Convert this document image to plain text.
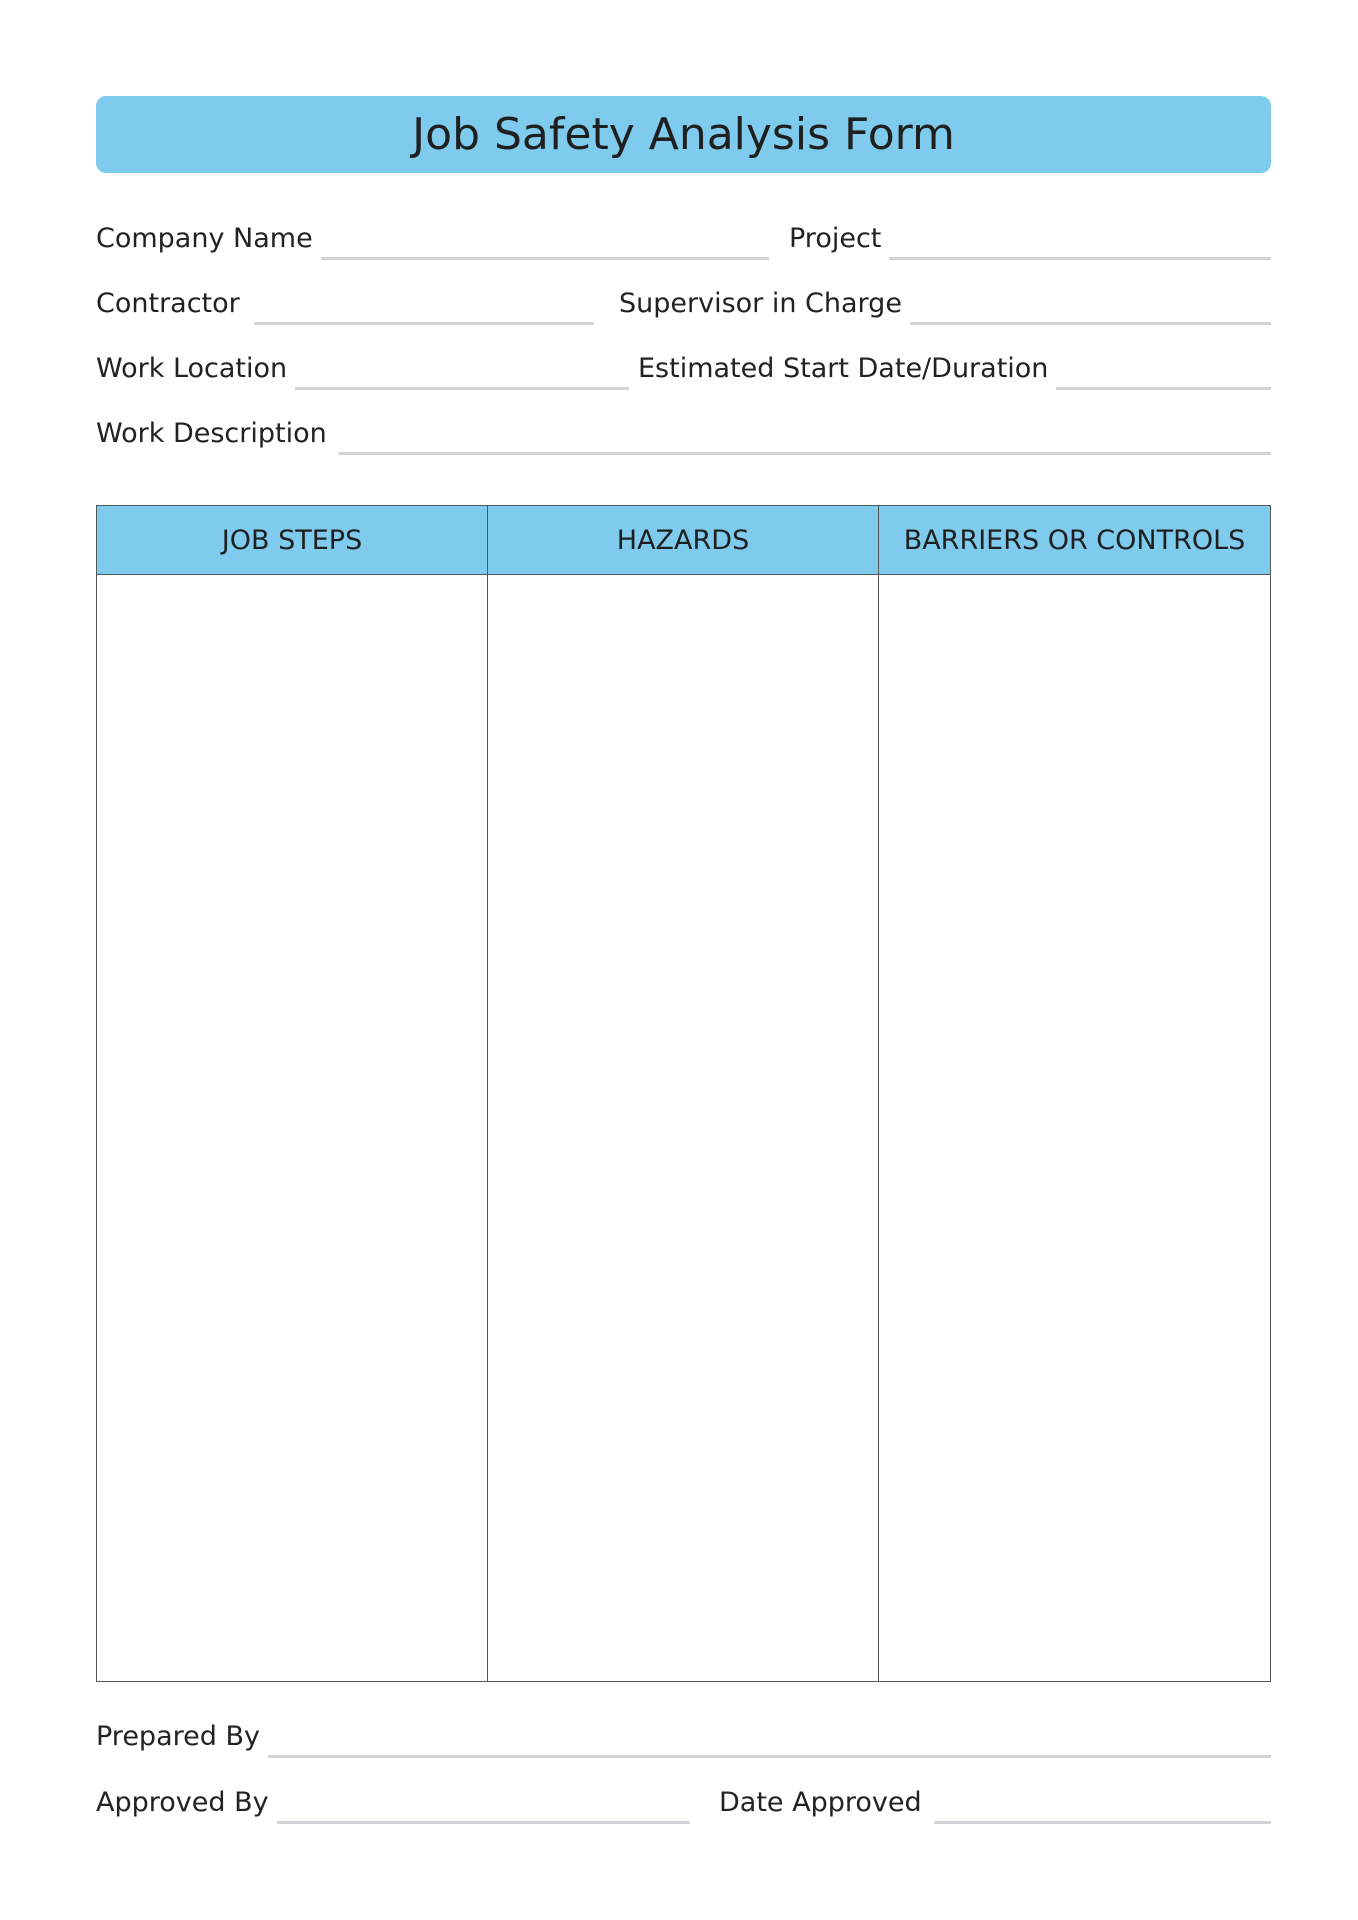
Job Safety Analysis Form
Company Name	Project
Contractor	Supervisor in Charge
Work Location	Estimated Start Date/Duration
Work Description
JOB STEPS	HAZARDS	BARRIERS OR CONTROLS
Prepared By
Approved By	Date Approved
